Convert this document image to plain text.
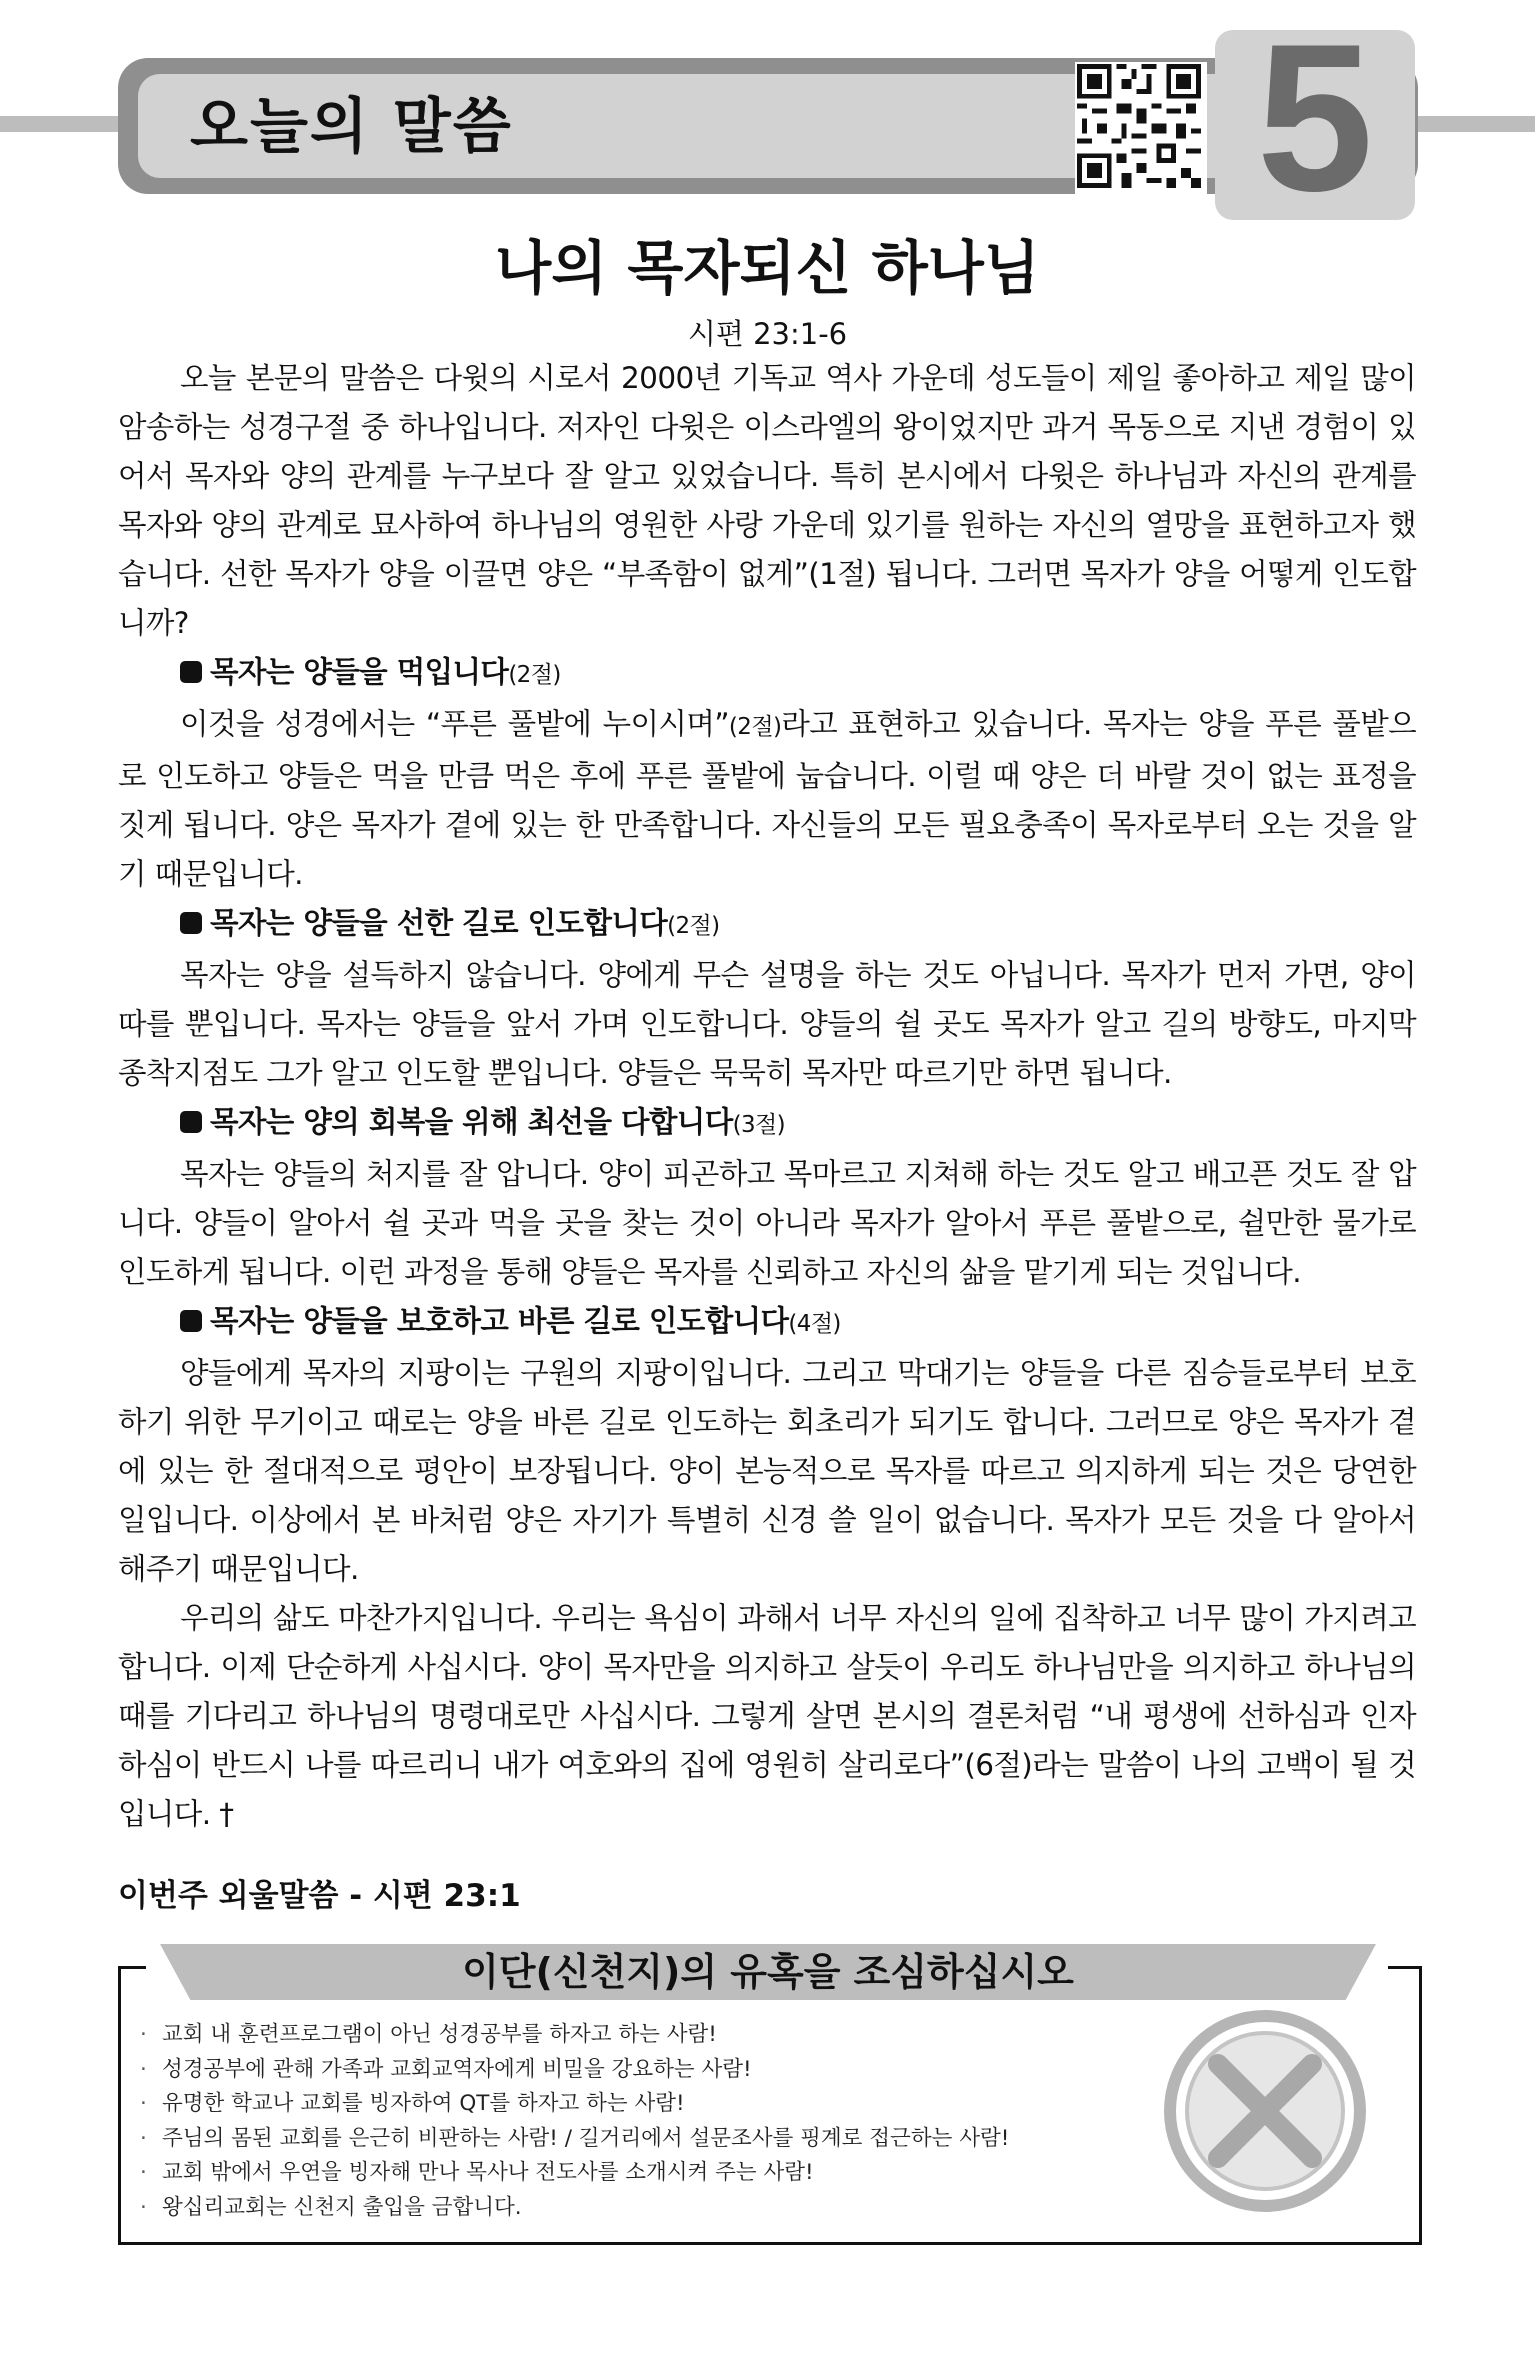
오늘의 말씀	5
나의 목자되신 하나님
시편 23:1-6

오늘 본문의 말씀은 다윗의 시로서 2000년 기독교 역사 가운데 성도들이 제일 좋아하고 제일 많이 암송하는 성경구절 중 하나입니다. 저자인 다윗은 이스라엘의 왕이었지만 과거 목동으로 지낸 경험이 있어서 목자와 양의 관계를 누구보다 잘 알고 있었습니다. 특히 본시에서 다윗은 하나님과 자신의 관계를 목자와 양의 관계로 묘사하여 하나님의 영원한 사랑 가운데 있기를 원하는 자신의 열망을 표현하고자 했습니다. 선한 목자가 양을 이끌면 양은 “부족함이 없게”(1절) 됩니다. 그러면 목자가 양을 어떻게 인도합니까?

목자는 양들을 먹입니다(2절)

이것을 성경에서는 “푸른 풀밭에 누이시며”(2절)라고 표현하고 있습니다. 목자는 양을 푸른 풀밭으로 인도하고 양들은 먹을 만큼 먹은 후에 푸른 풀밭에 눕습니다. 이럴 때 양은 더 바랄 것이 없는 표정을 짓게 됩니다. 양은 목자가 곁에 있는 한 만족합니다. 자신들의 모든 필요충족이 목자로부터 오는 것을 알기 때문입니다.

목자는 양들을 선한 길로 인도합니다(2절)

목자는 양을 설득하지 않습니다. 양에게 무슨 설명을 하는 것도 아닙니다. 목자가 먼저 가면, 양이 따를 뿐입니다. 목자는 양들을 앞서 가며 인도합니다. 양들의 쉴 곳도 목자가 알고 길의 방향도, 마지막 종착지점도 그가 알고 인도할 뿐입니다. 양들은 묵묵히 목자만 따르기만 하면 됩니다.

목자는 양의 회복을 위해 최선을 다합니다(3절)

목자는 양들의 처지를 잘 압니다. 양이 피곤하고 목마르고 지쳐해 하는 것도 알고 배고픈 것도 잘 압니다. 양들이 알아서 쉴 곳과 먹을 곳을 찾는 것이 아니라 목자가 알아서 푸른 풀밭으로, 쉴만한 물가로 인도하게 됩니다. 이런 과정을 통해 양들은 목자를 신뢰하고 자신의 삶을 맡기게 되는 것입니다.

목자는 양들을 보호하고 바른 길로 인도합니다(4절)

양들에게 목자의 지팡이는 구원의 지팡이입니다. 그리고 막대기는 양들을 다른 짐승들로부터 보호하기 위한 무기이고 때로는 양을 바른 길로 인도하는 회초리가 되기도 합니다. 그러므로 양은 목자가 곁에 있는 한 절대적으로 평안이 보장됩니다. 양이 본능적으로 목자를 따르고 의지하게 되는 것은 당연한 일입니다. 이상에서 본 바처럼 양은 자기가 특별히 신경 쓸 일이 없습니다. 목자가 모든 것을 다 알아서 해주기 때문입니다.

우리의 삶도 마찬가지입니다. 우리는 욕심이 과해서 너무 자신의 일에 집착하고 너무 많이 가지려고 합니다. 이제 단순하게 사십시다. 양이 목자만을 의지하고 살듯이 우리도 하나님만을 의지하고 하나님의 때를 기다리고 하나님의 명령대로만 사십시다. 그렇게 살면 본시의 결론처럼 “내 평생에 선하심과 인자하심이 반드시 나를 따르리니 내가 여호와의 집에 영원히 살리로다”(6절)라는 말씀이 나의 고백이 될 것입니다. †

이번주 외울말씀 - 시편 23:1
이단(신천지)의 유혹을 조심하십시오
· 교회 내 훈련프로그램이 아닌 성경공부를 하자고 하는 사람!
· 성경공부에 관해 가족과 교회교역자에게 비밀을 강요하는 사람!
· 유명한 학교나 교회를 빙자하여 QT를 하자고 하는 사람!
· 주님의 몸된 교회를 은근히 비판하는 사람! / 길거리에서 설문조사를 핑계로 접근하는 사람!
· 교회 밖에서 우연을 빙자해 만나 목사나 전도사를 소개시켜 주는 사람!
· 왕십리교회는 신천지 출입을 금합니다.
